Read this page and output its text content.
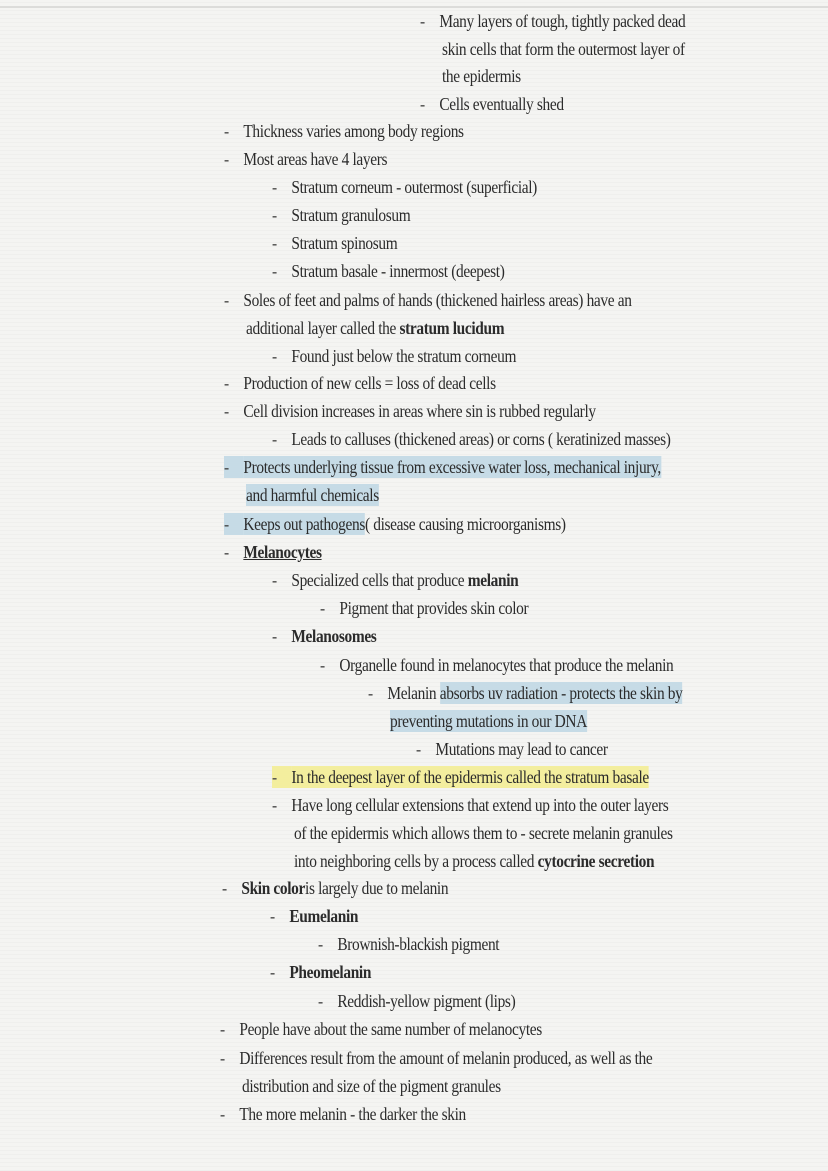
- Many layers of tough, tightly packed dead
skin cells that form the outermost layer of
the epidermis
- Cells eventually shed
- Thickness varies among body regions
- Most areas have 4 layers
- Stratum corneum - outermost (superficial)
- Stratum granulosum
- Stratum spinosum
- Stratum basale - innermost (deepest)
- Soles of feet and palms of hands (thickened hairless areas) have an
additional layer called the
stratum lucidum
- Found just below the stratum corneum
- Production of new cells = loss of dead cells
- Cell division increases in areas where sin is rubbed regularly
- Leads to calluses (thickened areas) or corns ( keratinized masses)
- Protects underlying tissue from excessive water loss, mechanical injury,
and harmful chemicals
- Keeps out pathogens ( disease causing microorganisms)
- Melanocytes
- Specialized cells that produce
melanin
- Pigment that provides skin color
- Melanosomes
- Organelle found in melanocytes that produce the melanin
- Melanin
absorbs uv radiation - protects the skin by
preventing mutations in our DNA
- Mutations may lead to cancer
- In the deepest layer of the epidermis called the stratum basale
- Have long cellular extensions that extend up into the outer layers
of the epidermis which allows them to - secrete melanin granules
into neighboring cells by a process called
cytocrine secretion
- Skin color is largely due to melanin
- Eumelanin
- Brownish-blackish pigment
- Pheomelanin
- Reddish-yellow pigment (lips)
- People have about the same number of melanocytes
- Differences result from the amount of melanin produced, as well as the
distribution and size of the pigment granules
- The more melanin - the darker the skin
